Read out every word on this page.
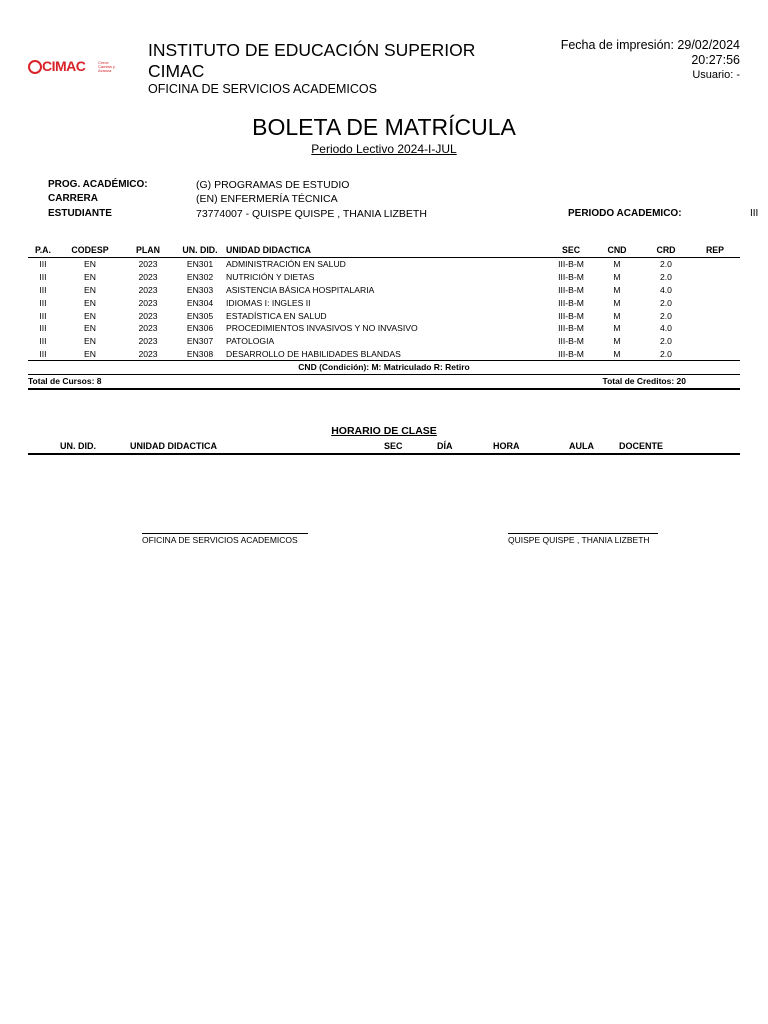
CIMAC	Crece Cambia y Avanza
INSTITUTO DE EDUCACIÓN SUPERIOR CIMAC
OFICINA DE SERVICIOS ACADEMICOS
Fecha de impresión: 29/02/2024
20:27:56
Usuario: -
BOLETA DE MATRÍCULA
Periodo Lectivo 2024-I-JUL
PROG. ACADÉMICO:	(G) PROGRAMAS DE ESTUDIO
CARRERA	(EN) ENFERMERÍA TÉCNICA
ESTUDIANTE	73774007 - QUISPE QUISPE , THANIA LIZBETH	PERIODO ACADEMICO:	III
P.A.	CODESP	PLAN	UN. DID.	UNIDAD DIDACTICA	SEC	CND	CRD	REP
III	EN	2023	EN301	ADMINISTRACIÓN EN SALUD	III-B-M	M	2.0	
III	EN	2023	EN302	NUTRICIÓN Y DIETAS	III-B-M	M	2.0	
III	EN	2023	EN303	ASISTENCIA BÁSICA HOSPITALARIA	III-B-M	M	4.0	
III	EN	2023	EN304	IDIOMAS I: INGLES II	III-B-M	M	2.0	
III	EN	2023	EN305	ESTADÍSTICA EN SALUD	III-B-M	M	2.0	
III	EN	2023	EN306	PROCEDIMIENTOS INVASIVOS Y NO INVASIVO	III-B-M	M	4.0	
III	EN	2023	EN307	PATOLOGIA	III-B-M	M	2.0	
III	EN	2023	EN308	DESARROLLO DE HABILIDADES BLANDAS	III-B-M	M	2.0	
CND (Condición): M: Matriculado R: Retiro
Total de Cursos: 8	Total de Creditos: 20
HORARIO DE CLASE
UN. DID.	UNIDAD DIDACTICA	SEC	DÍA	HORA	AULA	DOCENTE
OFICINA DE SERVICIOS ACADEMICOS	QUISPE QUISPE , THANIA LIZBETH
